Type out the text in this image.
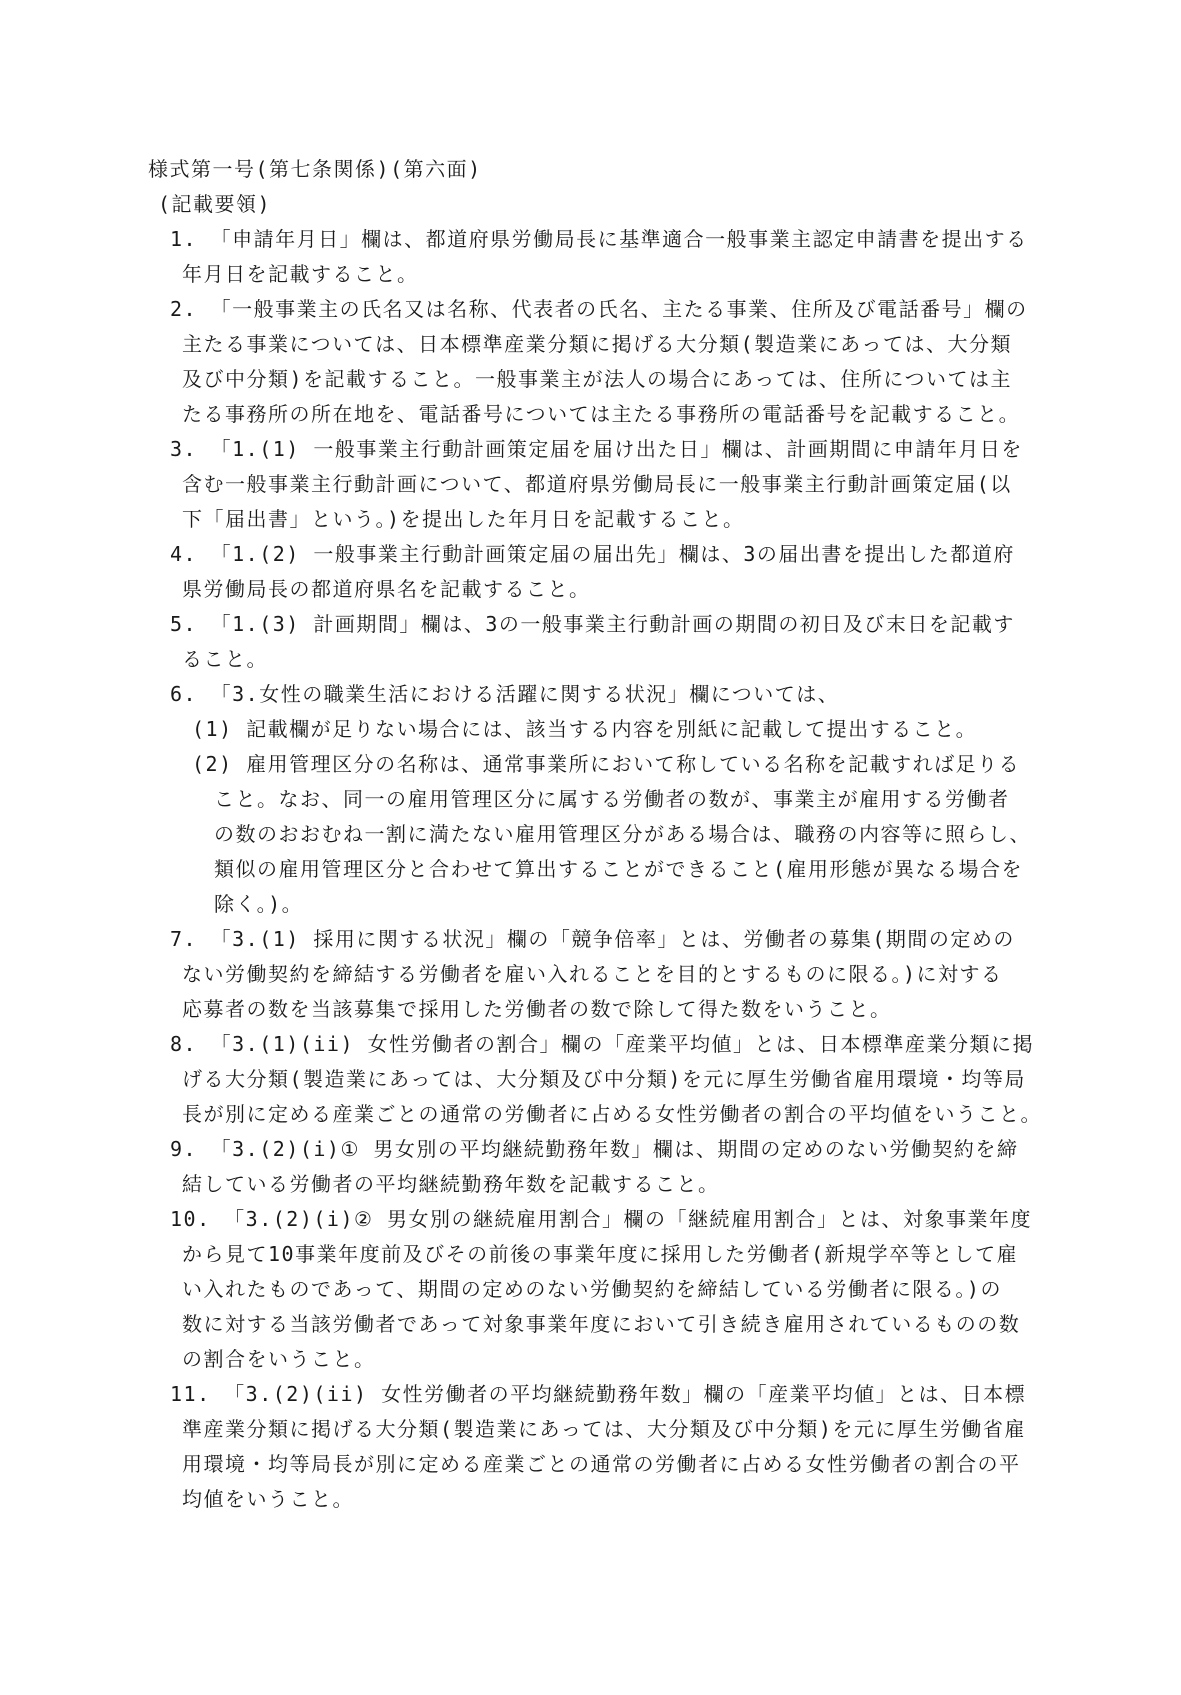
様式第一号(第七条関係)(第六面)
(記載要領)
1. 「申請年月日」欄は、都道府県労働局長に基準適合一般事業主認定申請書を提出する
年月日を記載すること。
2. 「一般事業主の氏名又は名称、代表者の氏名、主たる事業、住所及び電話番号」欄の
主たる事業については、日本標準産業分類に掲げる大分類(製造業にあっては、大分類
及び中分類)を記載すること。一般事業主が法人の場合にあっては、住所については主
たる事務所の所在地を、電話番号については主たる事務所の電話番号を記載すること。
3. 「1.(1) 一般事業主行動計画策定届を届け出た日」欄は、計画期間に申請年月日を
含む一般事業主行動計画について、都道府県労働局長に一般事業主行動計画策定届(以
下「届出書」という。)を提出した年月日を記載すること。
4. 「1.(2) 一般事業主行動計画策定届の届出先」欄は、3の届出書を提出した都道府
県労働局長の都道府県名を記載すること。
5. 「1.(3) 計画期間」欄は、3の一般事業主行動計画の期間の初日及び末日を記載す
ること。
6. 「3.女性の職業生活における活躍に関する状況」欄については、
(1) 記載欄が足りない場合には、該当する内容を別紙に記載して提出すること。
(2) 雇用管理区分の名称は、通常事業所において称している名称を記載すれば足りる
こと。なお、同一の雇用管理区分に属する労働者の数が、事業主が雇用する労働者
の数のおおむね一割に満たない雇用管理区分がある場合は、職務の内容等に照らし、
類似の雇用管理区分と合わせて算出することができること(雇用形態が異なる場合を
除く。)。
7. 「3.(1) 採用に関する状況」欄の「競争倍率」とは、労働者の募集(期間の定めの
ない労働契約を締結する労働者を雇い入れることを目的とするものに限る。)に対する
応募者の数を当該募集で採用した労働者の数で除して得た数をいうこと。
8. 「3.(1)(ii) 女性労働者の割合」欄の「産業平均値」とは、日本標準産業分類に掲
げる大分類(製造業にあっては、大分類及び中分類)を元に厚生労働省雇用環境・均等局
長が別に定める産業ごとの通常の労働者に占める女性労働者の割合の平均値をいうこと。
9. 「3.(2)(i)① 男女別の平均継続勤務年数」欄は、期間の定めのない労働契約を締
結している労働者の平均継続勤務年数を記載すること。
10. 「3.(2)(i)② 男女別の継続雇用割合」欄の「継続雇用割合」とは、対象事業年度
から見て10事業年度前及びその前後の事業年度に採用した労働者(新規学卒等として雇
い入れたものであって、期間の定めのない労働契約を締結している労働者に限る。)の
数に対する当該労働者であって対象事業年度において引き続き雇用されているものの数
の割合をいうこと。
11. 「3.(2)(ii) 女性労働者の平均継続勤務年数」欄の「産業平均値」とは、日本標
準産業分類に掲げる大分類(製造業にあっては、大分類及び中分類)を元に厚生労働省雇
用環境・均等局長が別に定める産業ごとの通常の労働者に占める女性労働者の割合の平
均値をいうこと。
